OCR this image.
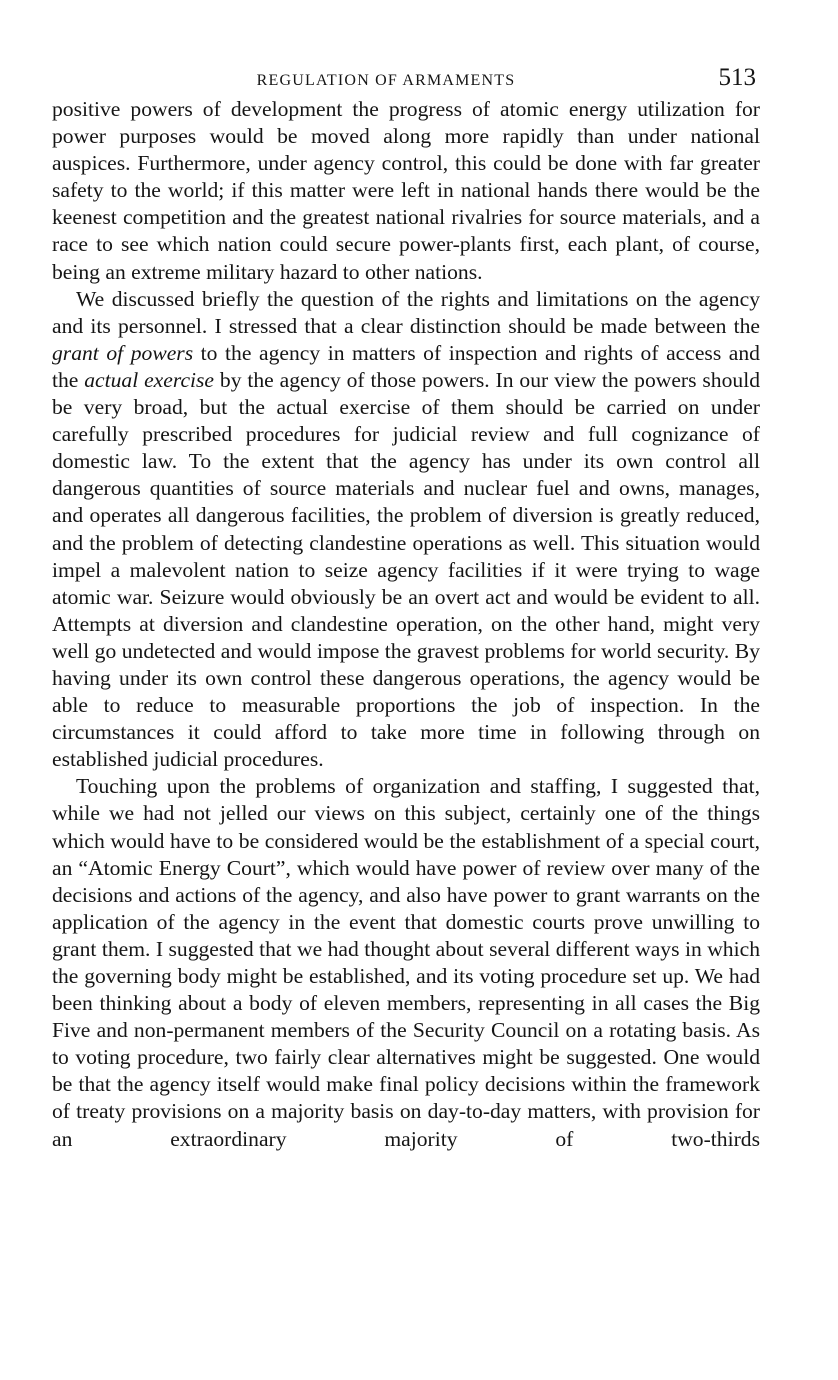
REGULATION OF ARMAMENTS	513

positive powers of development the progress of atomic energy utilization for power purposes would be moved along more rapidly than under national auspices. Furthermore, under agency control, this could be done with far greater safety to the world; if this matter were left in national hands there would be the keenest competition and the greatest national rivalries for source materials, and a race to see which nation could secure power-plants first, each plant, of course, being an extreme military hazard to other nations.

We discussed briefly the question of the rights and limitations on the agency and its personnel. I stressed that a clear distinction should be made between the grant of powers to the agency in matters of inspection and rights of access and the actual exercise by the agency of those powers. In our view the powers should be very broad, but the actual exercise of them should be carried on under carefully prescribed procedures for judicial review and full cognizance of domestic law. To the extent that the agency has under its own control all dangerous quantities of source materials and nuclear fuel and owns, manages, and operates all dangerous facilities, the problem of diversion is greatly reduced, and the problem of detecting clandestine operations as well. This situation would impel a malevolent nation to seize agency facilities if it were trying to wage atomic war. Seizure would obviously be an overt act and would be evident to all. Attempts at diversion and clandestine operation, on the other hand, might very well go undetected and would impose the gravest problems for world security. By having under its own control these dangerous operations, the agency would be able to reduce to measurable proportions the job of inspection. In the circumstances it could afford to take more time in following through on established judicial procedures.

Touching upon the problems of organization and staffing, I suggested that, while we had not jelled our views on this subject, certainly one of the things which would have to be considered would be the establishment of a special court, an “Atomic Energy Court”, which would have power of review over many of the decisions and actions of the agency, and also have power to grant warrants on the application of the agency in the event that domestic courts prove unwilling to grant them. I suggested that we had thought about several different ways in which the governing body might be established, and its voting procedure set up. We had been thinking about a body of eleven members, representing in all cases the Big Five and non-permanent members of the Security Council on a rotating basis. As to voting procedure, two fairly clear alternatives might be suggested. One would be that the agency itself would make final policy decisions within the framework of treaty provisions on a majority basis on day-to-day matters, with provision for an extraordinary majority of two-thirds
